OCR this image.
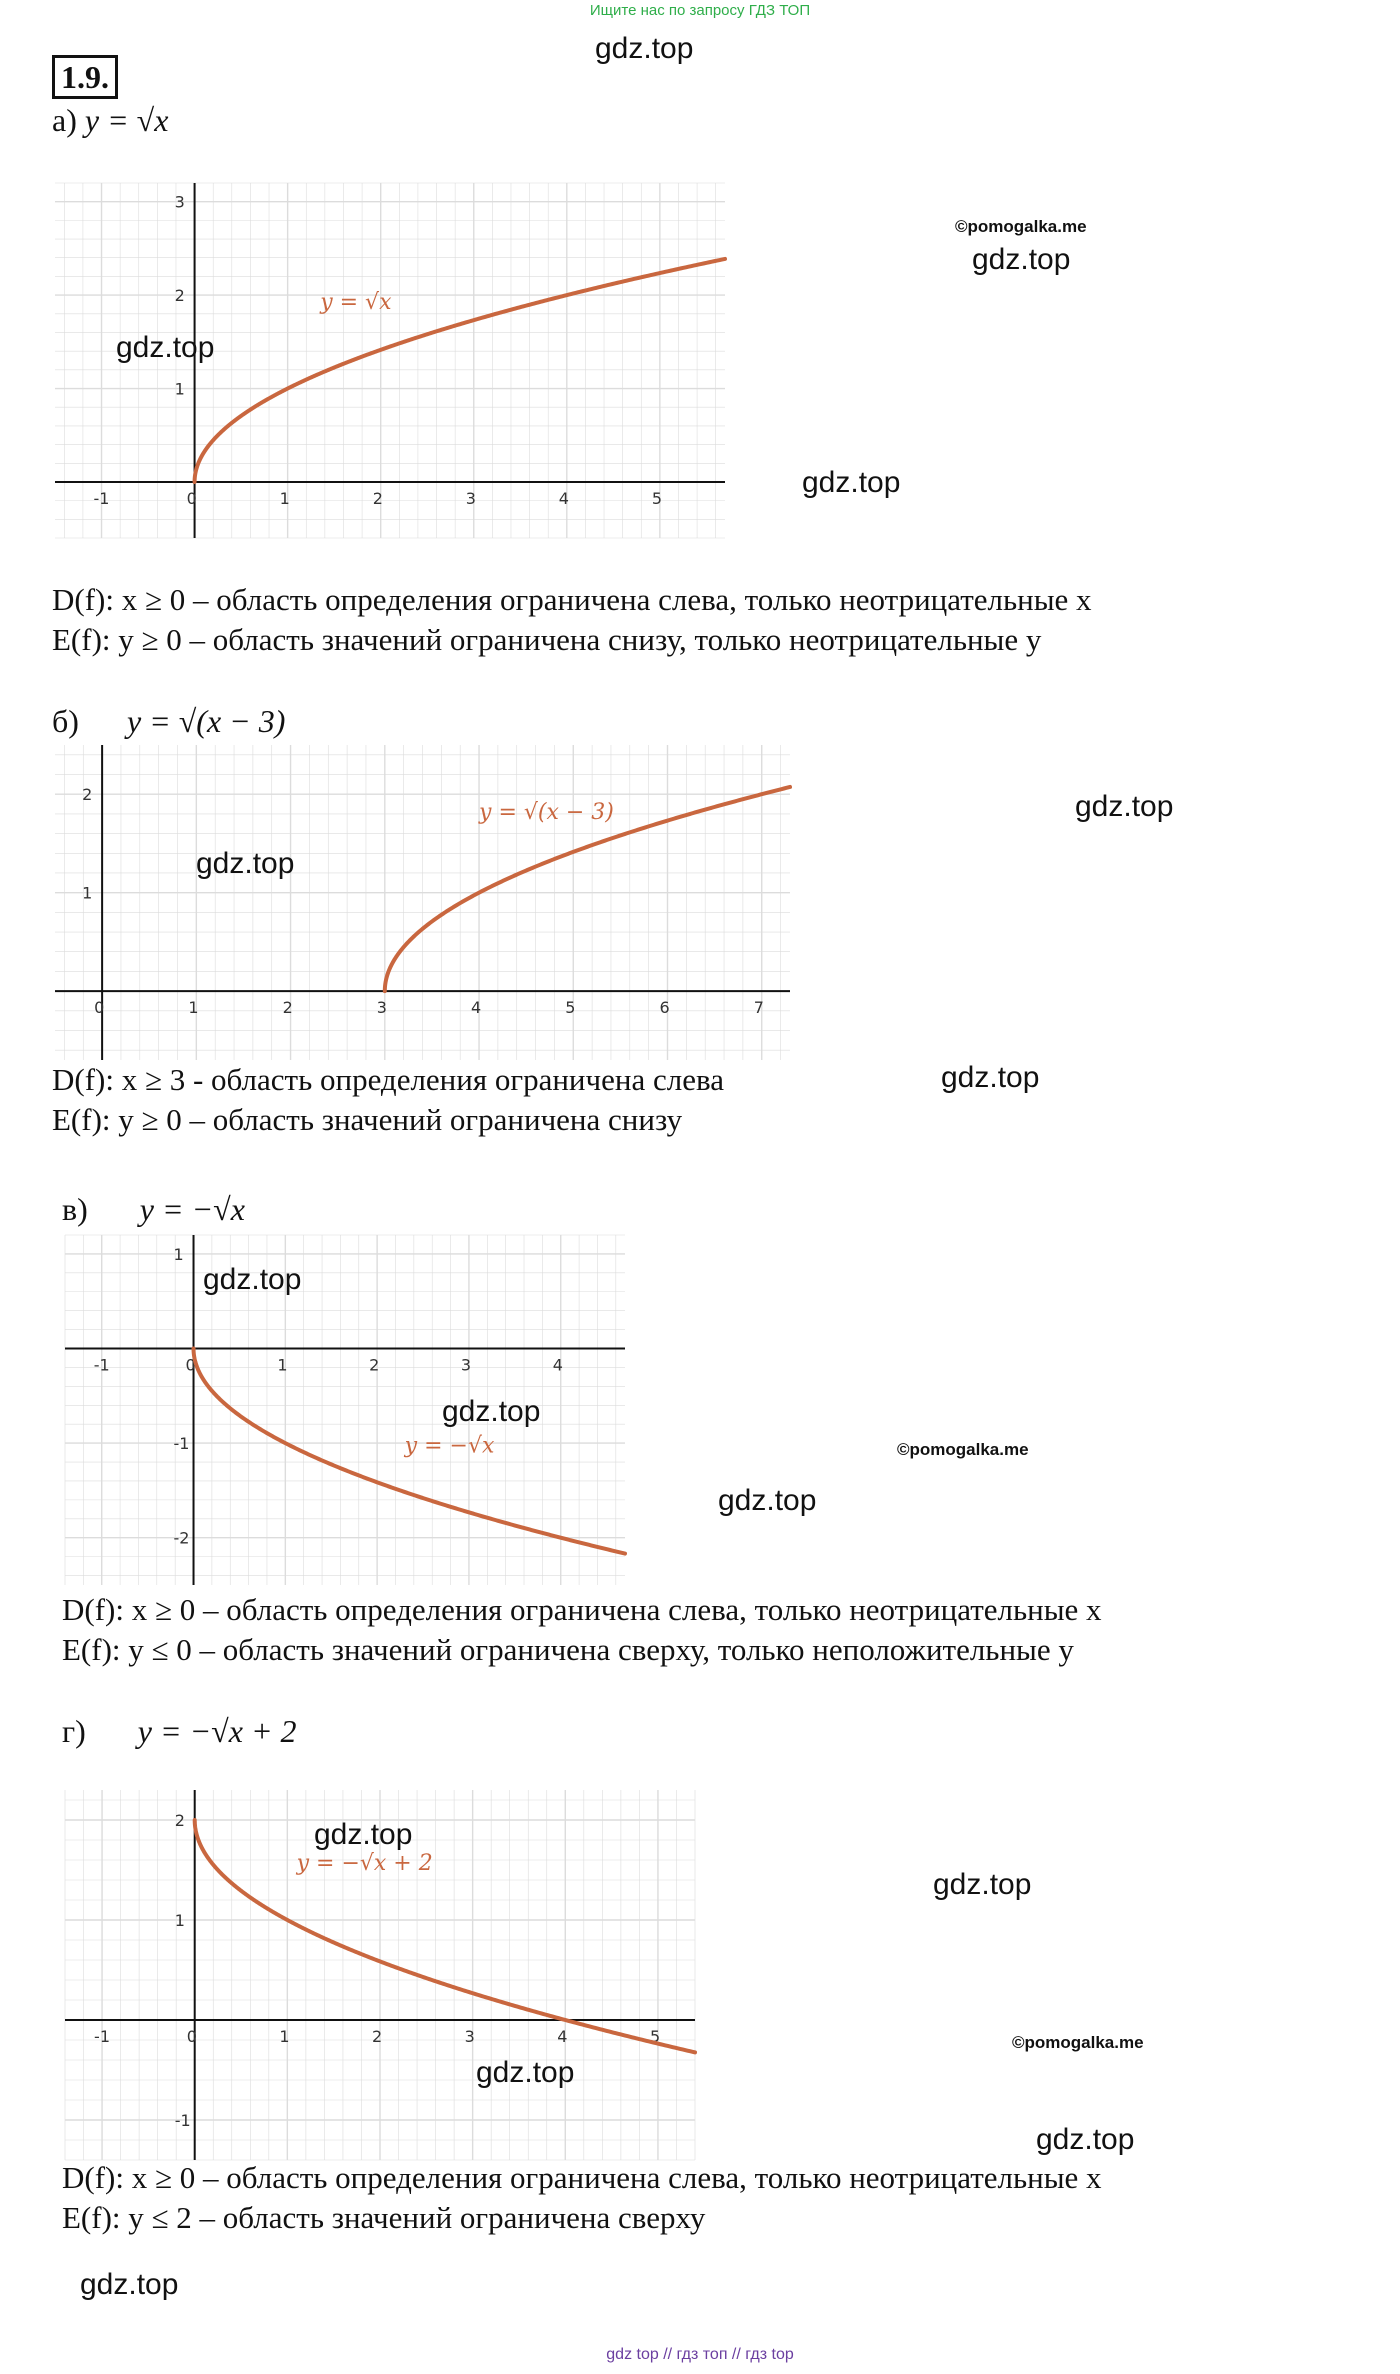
Ищите нас по запросу ГДЗ ТОП
1.9.
а) y = √x
-1	0	1	2	3	4	5
1
2
3
y = √x
D(f): x ≥ 0 – область определения ограничена слева, только неотрицательные x
E(f): y ≥ 0 – область значений ограничена снизу, только неотрицательные y
б) y = √(x − 3)
0	1	2	3	4	5	6	7
1
2
y = √(x − 3)
D(f): x ≥ 3 - область определения ограничена слева
E(f): y ≥ 0 – область значений ограничена снизу
в) y = −√x
-1	0	1	2	3	4
1
-1
-2
y = −√x
D(f): x ≥ 0 – область определения ограничена слева, только неотрицательные x
E(f): y ≤ 0 – область значений ограничена сверху, только неположительные y
г) y = −√x + 2
-1	0	1	2	3	4	5
1
2
-1
y = −√x + 2
D(f): x ≥ 0 – область определения ограничена слева, только неотрицательные x
E(f): y ≤ 2 – область значений ограничена сверху
gdz.top
©pomogalka.me
gdz.top
gdz.top
gdz.top
gdz.top
gdz.top
gdz.top
gdz.top
gdz.top
©pomogalka.me
gdz.top
gdz.top
gdz.top
©pomogalka.me
gdz.top
gdz.top
gdz.top
gdz top // гдз топ // гдз top
